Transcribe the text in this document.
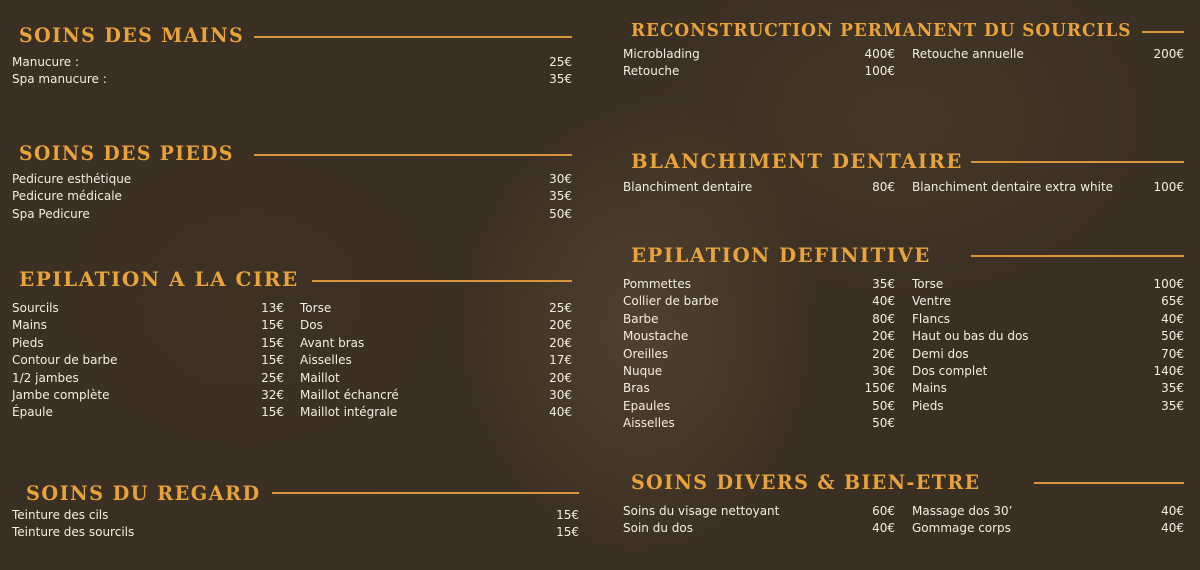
SOINS DES MAINS
Manucure :	25€
Spa manucure :	35€
SOINS DES PIEDS
Pedicure esthétique	30€
Pedicure médicale	35€
Spa Pedicure	50€
EPILATION A LA CIRE
Sourcils	13€
Mains	15€
Pieds	15€
Contour de barbe	15€
1/2 jambes	25€
Jambe complète	32€
Épaule	15€
Torse	25€
Dos	20€
Avant bras	20€
Aisselles	17€
Maillot	20€
Maillot échancré	30€
Maillot intégrale	40€
SOINS DU REGARD
Teinture des cils	15€
Teinture des sourcils	15€
RECONSTRUCTION PERMANENT DU SOURCILS
Microblading	400€
Retouche	100€
Retouche annuelle	200€
BLANCHIMENT DENTAIRE
Blanchiment dentaire	80€ Blanchiment dentaire extra white	100€
EPILATION DEFINITIVE
Pommettes	35€
Collier de barbe	40€
Barbe	80€
Moustache	20€
Oreilles	20€
Nuque	30€
Bras	150€
Epaules	50€
Aisselles	50€
Torse	100€
Ventre	65€
Flancs	40€
Haut ou bas du dos	50€
Demi dos	70€
Dos complet	140€
Mains	35€
Pieds	35€
SOINS DIVERS & BIEN-ETRE
Soins du visage nettoyant	60€
Soin du dos	40€
Massage dos 30’	40€
Gommage corps	40€
